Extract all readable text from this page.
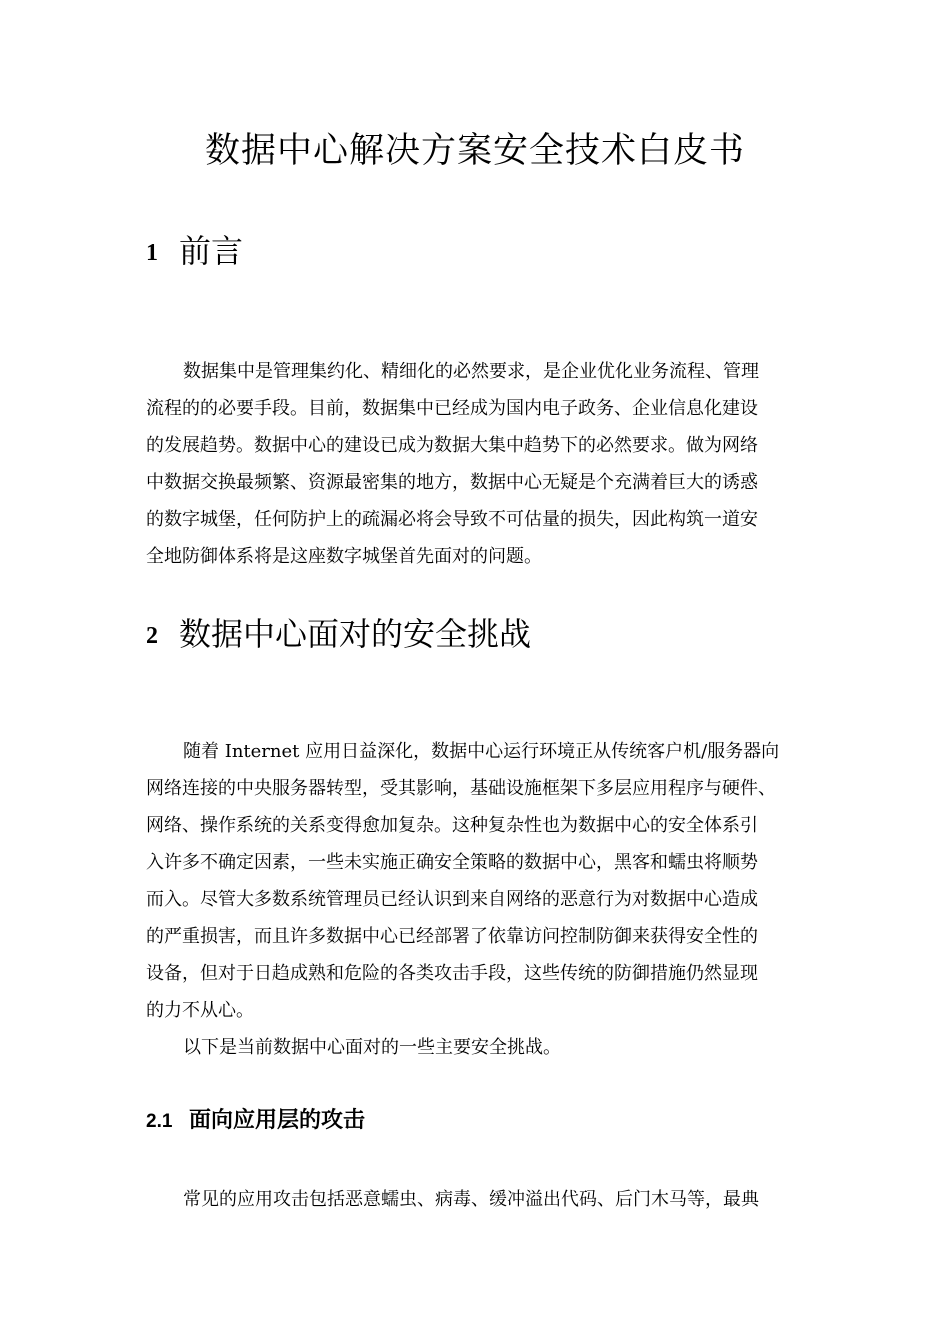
数据中心解决方案安全技术白皮书
1 前言
数据集中是管理集约化、精细化的必然要求，是企业优化业务流程、管理
流程的的必要手段。目前，数据集中已经成为国内电子政务、企业信息化建设
的发展趋势。数据中心的建设已成为数据大集中趋势下的必然要求。做为网络
中数据交换最频繁、资源最密集的地方，数据中心无疑是个充满着巨大的诱惑
的数字城堡，任何防护上的疏漏必将会导致不可估量的损失，因此构筑一道安
全地防御体系将是这座数字城堡首先面对的问题。
2 数据中心面对的安全挑战
随着 Internet 应用日益深化，数据中心运行环境正从传统客户机/服务器向
网络连接的中央服务器转型，受其影响，基础设施框架下多层应用程序与硬件、
网络、操作系统的关系变得愈加复杂。这种复杂性也为数据中心的安全体系引
入许多不确定因素，一些未实施正确安全策略的数据中心，黑客和蠕虫将顺势
而入。尽管大多数系统管理员已经认识到来自网络的恶意行为对数据中心造成
的严重损害，而且许多数据中心已经部署了依靠访问控制防御来获得安全性的
设备，但对于日趋成熟和危险的各类攻击手段，这些传统的防御措施仍然显现
的力不从心。
以下是当前数据中心面对的一些主要安全挑战。
2.1 面向应用层的攻击
常见的应用攻击包括恶意蠕虫、病毒、缓冲溢出代码、后门木马等，最典
